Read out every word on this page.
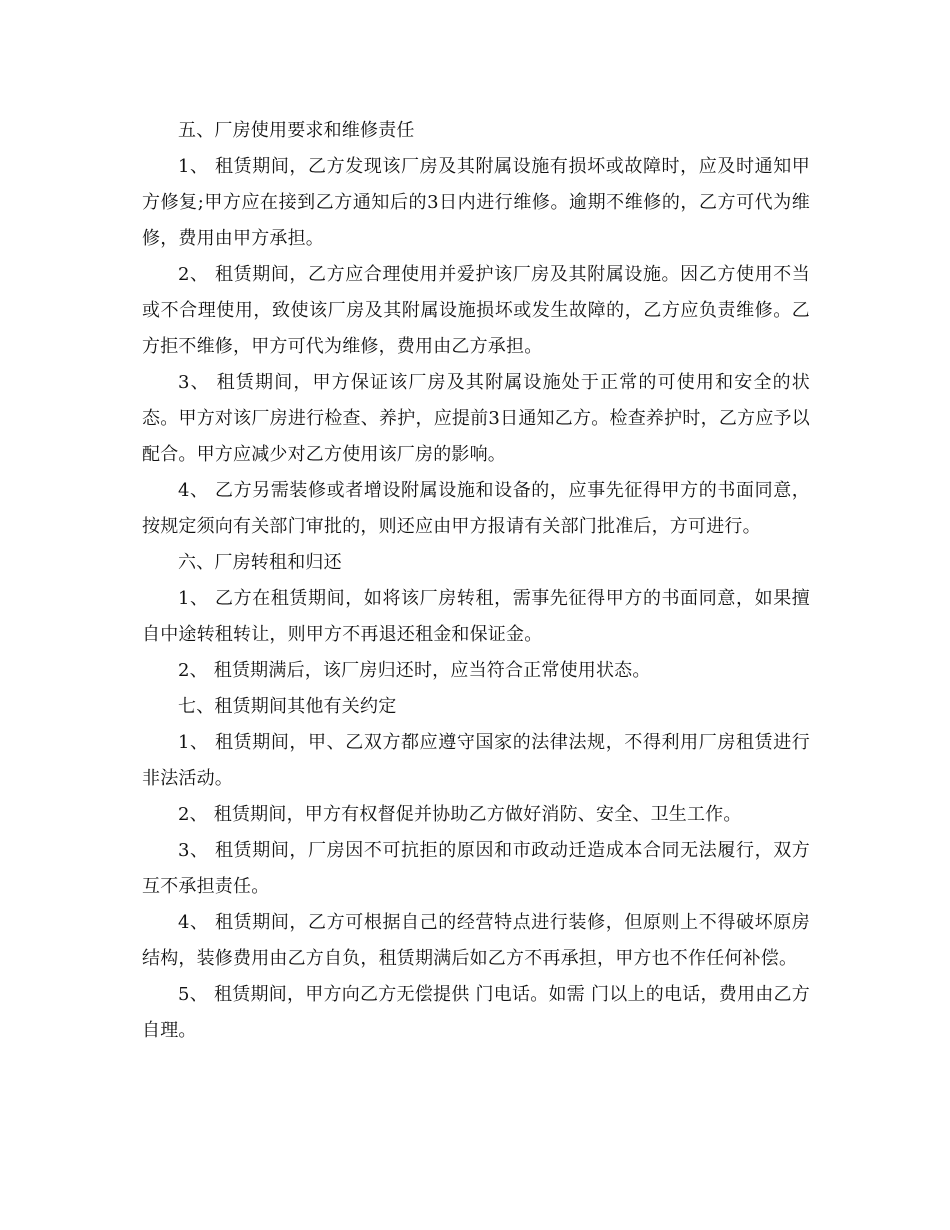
五、厂房使用要求和维修责任

1、 租赁期间，乙方发现该厂房及其附属设施有损坏或故障时，应及时通知甲方修复;甲方应在接到乙方通知后的3日内进行维修。逾期不维修的，乙方可代为维修，费用由甲方承担。

2、 租赁期间，乙方应合理使用并爱护该厂房及其附属设施。因乙方使用不当或不合理使用，致使该厂房及其附属设施损坏或发生故障的，乙方应负责维修。乙方拒不维修，甲方可代为维修，费用由乙方承担。

3、 租赁期间，甲方保证该厂房及其附属设施处于正常的可使用和安全的状态。甲方对该厂房进行检查、养护，应提前3日通知乙方。检查养护时，乙方应予以配合。甲方应减少对乙方使用该厂房的影响。

4、 乙方另需装修或者增设附属设施和设备的，应事先征得甲方的书面同意，按规定须向有关部门审批的，则还应由甲方报请有关部门批准后，方可进行。

六、厂房转租和归还

1、 乙方在租赁期间，如将该厂房转租，需事先征得甲方的书面同意，如果擅自中途转租转让，则甲方不再退还租金和保证金。

2、 租赁期满后，该厂房归还时，应当符合正常使用状态。

七、租赁期间其他有关约定

1、 租赁期间，甲、乙双方都应遵守国家的法律法规，不得利用厂房租赁进行非法活动。

2、 租赁期间，甲方有权督促并协助乙方做好消防、安全、卫生工作。

3、 租赁期间，厂房因不可抗拒的原因和市政动迁造成本合同无法履行，双方互不承担责任。

4、 租赁期间，乙方可根据自己的经营特点进行装修，但原则上不得破坏原房结构，装修费用由乙方自负，租赁期满后如乙方不再承担，甲方也不作任何补偿。

5、 租赁期间，甲方向乙方无偿提供 门电话。如需 门以上的电话，费用由乙方自理。
